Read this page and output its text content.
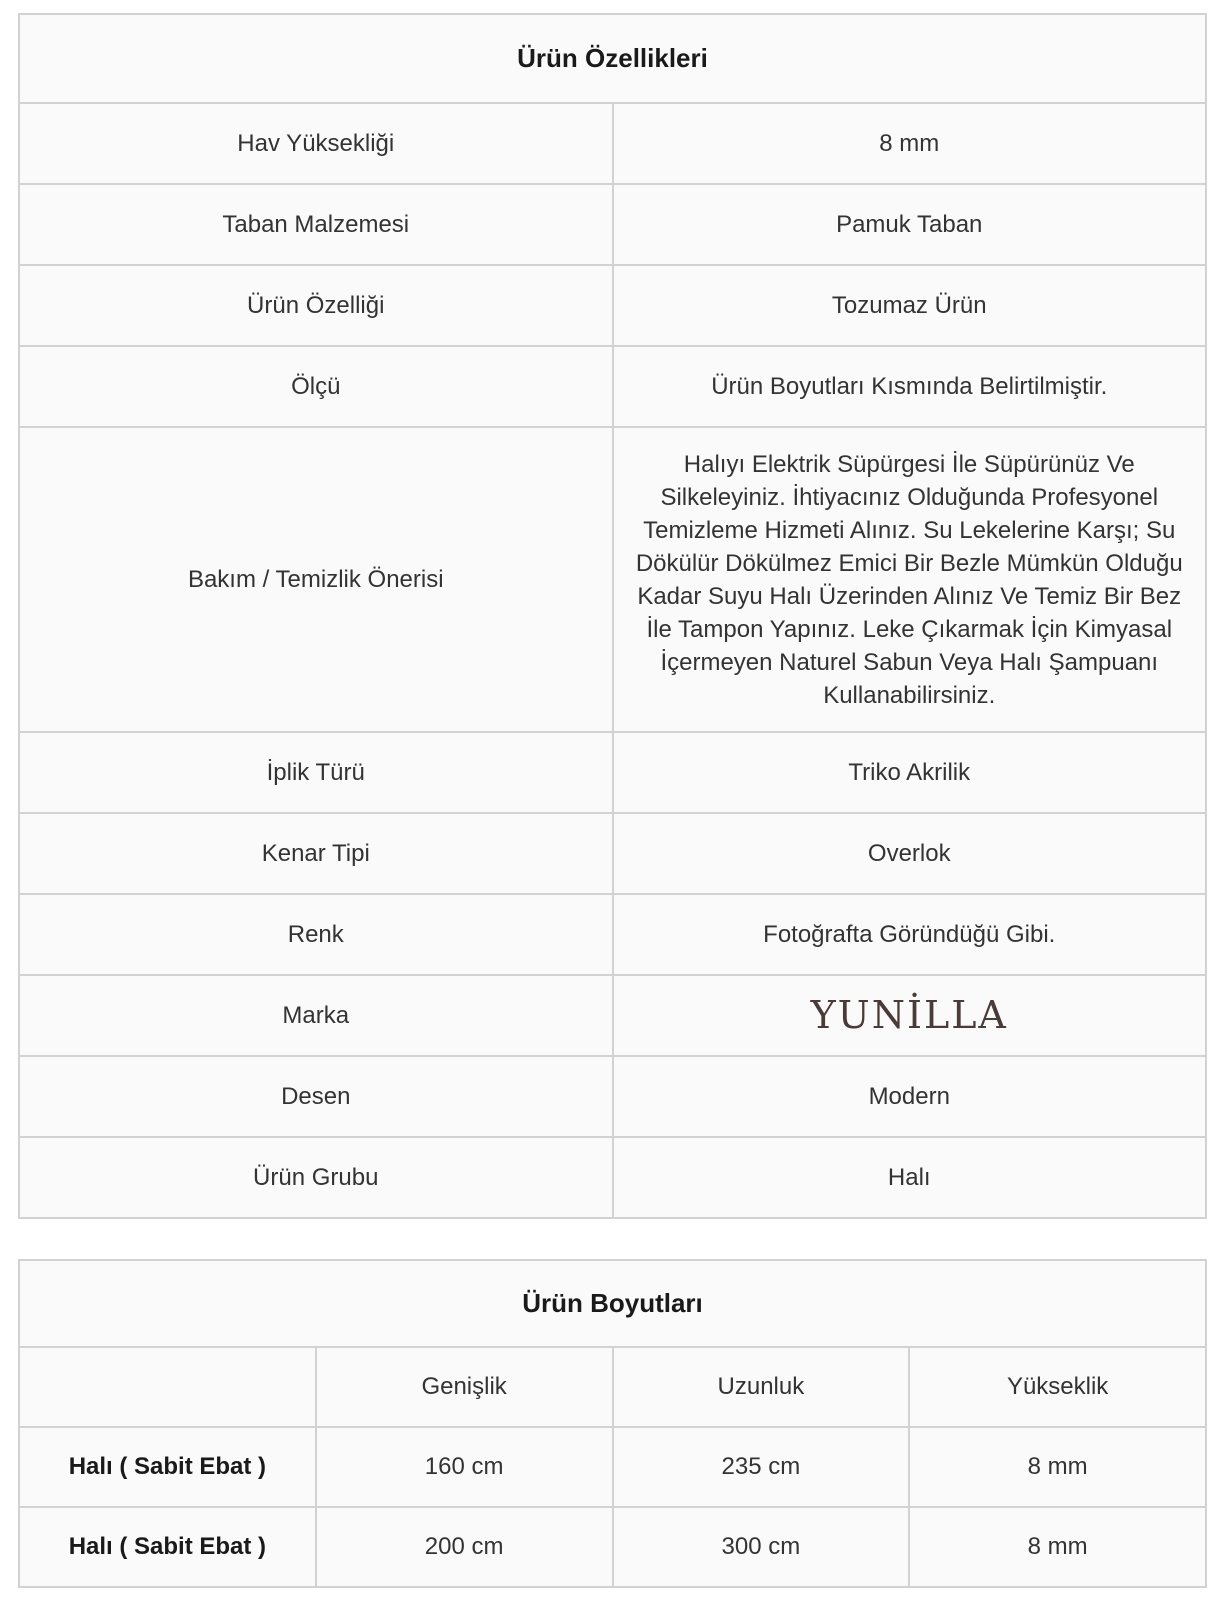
Ürün Özellikleri	
Hav Yüksekliği	8 mm
Taban Malzemesi	Pamuk Taban
Ürün Özelliği	Tozumaz Ürün
Ölçü	Ürün Boyutları Kısmında Belirtilmiştir.
Bakım / Temizlik Önerisi	Halıyı Elektrik Süpürgesi İle Süpürünüz Ve Silkeleyiniz. İhtiyacınız Olduğunda Profesyonel Temizleme Hizmeti Alınız. Su Lekelerine Karşı; Su Dökülür Dökülmez Emici Bir Bezle Mümkün Olduğu Kadar Suyu Halı Üzerinden Alınız Ve Temiz Bir Bez İle Tampon Yapınız. Leke Çıkarmak İçin Kimyasal İçermeyen Naturel Sabun Veya Halı Şampuanı Kullanabilirsiniz.
İplik Türü	Triko Akrilik
Kenar Tipi	Overlok
Renk	Fotoğrafta Göründüğü Gibi.
Marka	YUNİLLA
Desen	Modern
Ürün Grubu	Halı
Ürün Boyutları			
	Genişlik	Uzunluk	Yükseklik
Halı ( Sabit Ebat )	160 cm	235 cm	8 mm
Halı ( Sabit Ebat )	200 cm	300 cm	8 mm
